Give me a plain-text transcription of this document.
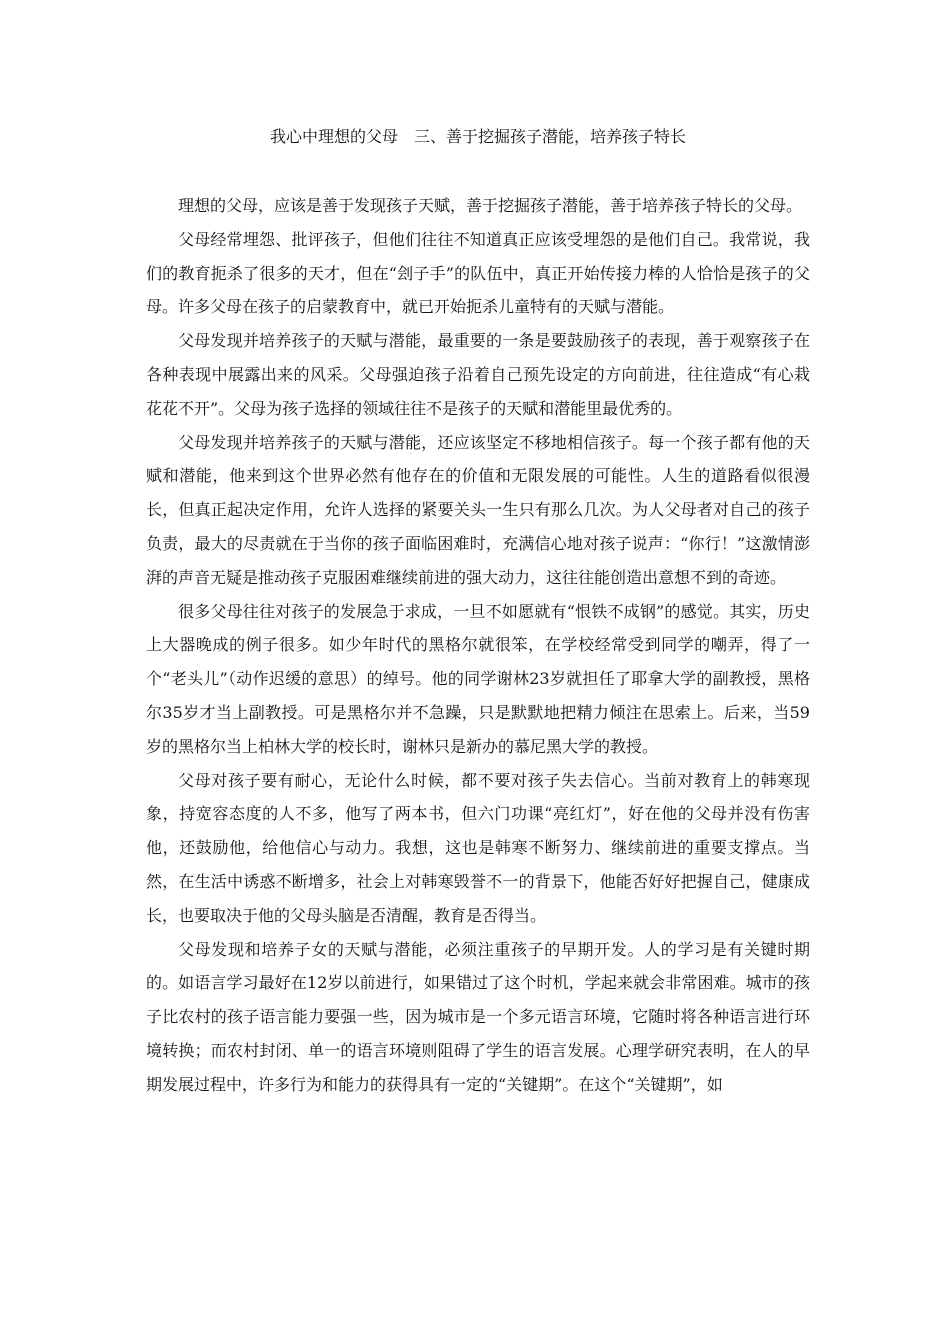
我心中理想的父母　三、善于挖掘孩子潜能，培养孩子特长

理想的父母，应该是善于发现孩子天赋，善于挖掘孩子潜能，善于培养孩子特长的父母。

父母经常埋怨、批评孩子，但他们往往不知道真正应该受埋怨的是他们自己。我常说，我们的教育扼杀了很多的天才，但在“刽子手”的队伍中，真正开始传接力棒的人恰恰是孩子的父母。许多父母在孩子的启蒙教育中，就已开始扼杀儿童特有的天赋与潜能。

父母发现并培养孩子的天赋与潜能，最重要的一条是要鼓励孩子的表现，善于观察孩子在各种表现中展露出来的风采。父母强迫孩子沿着自己预先设定的方向前进，往往造成“有心栽花花不开”。父母为孩子选择的领域往往不是孩子的天赋和潜能里最优秀的。

父母发现并培养孩子的天赋与潜能，还应该坚定不移地相信孩子。每一个孩子都有他的天赋和潜能，他来到这个世界必然有他存在的价值和无限发展的可能性。人生的道路看似很漫长，但真正起决定作用，允许人选择的紧要关头一生只有那么几次。为人父母者对自己的孩子负责，最大的尽责就在于当你的孩子面临困难时，充满信心地对孩子说声：“你行！”这激情澎湃的声音无疑是推动孩子克服困难继续前进的强大动力，这往往能创造出意想不到的奇迹。

很多父母往往对孩子的发展急于求成，一旦不如愿就有“恨铁不成钢”的感觉。其实，历史上大器晚成的例子很多。如少年时代的黑格尔就很笨，在学校经常受到同学的嘲弄，得了一个“老头儿”（动作迟缓的意思）的绰号。他的同学谢林23岁就担任了耶拿大学的副教授，黑格尔35岁才当上副教授。可是黑格尔并不急躁，只是默默地把精力倾注在思索上。后来，当59岁的黑格尔当上柏林大学的校长时，谢林只是新办的慕尼黑大学的教授。

父母对孩子要有耐心，无论什么时候，都不要对孩子失去信心。当前对教育上的韩寒现象，持宽容态度的人不多，他写了两本书，但六门功课“亮红灯”，好在他的父母并没有伤害他，还鼓励他，给他信心与动力。我想，这也是韩寒不断努力、继续前进的重要支撑点。当然，在生活中诱惑不断增多，社会上对韩寒毁誉不一的背景下，他能否好好把握自己，健康成长，也要取决于他的父母头脑是否清醒，教育是否得当。

父母发现和培养子女的天赋与潜能，必须注重孩子的早期开发。人的学习是有关键时期的。如语言学习最好在12岁以前进行，如果错过了这个时机，学起来就会非常困难。城市的孩子比农村的孩子语言能力要强一些，因为城市是一个多元语言环境，它随时将各种语言进行环境转换；而农村封闭、单一的语言环境则阻碍了学生的语言发展。心理学研究表明，在人的早期发展过程中，许多行为和能力的获得具有一定的“关键期”。在这个“关键期”，如
